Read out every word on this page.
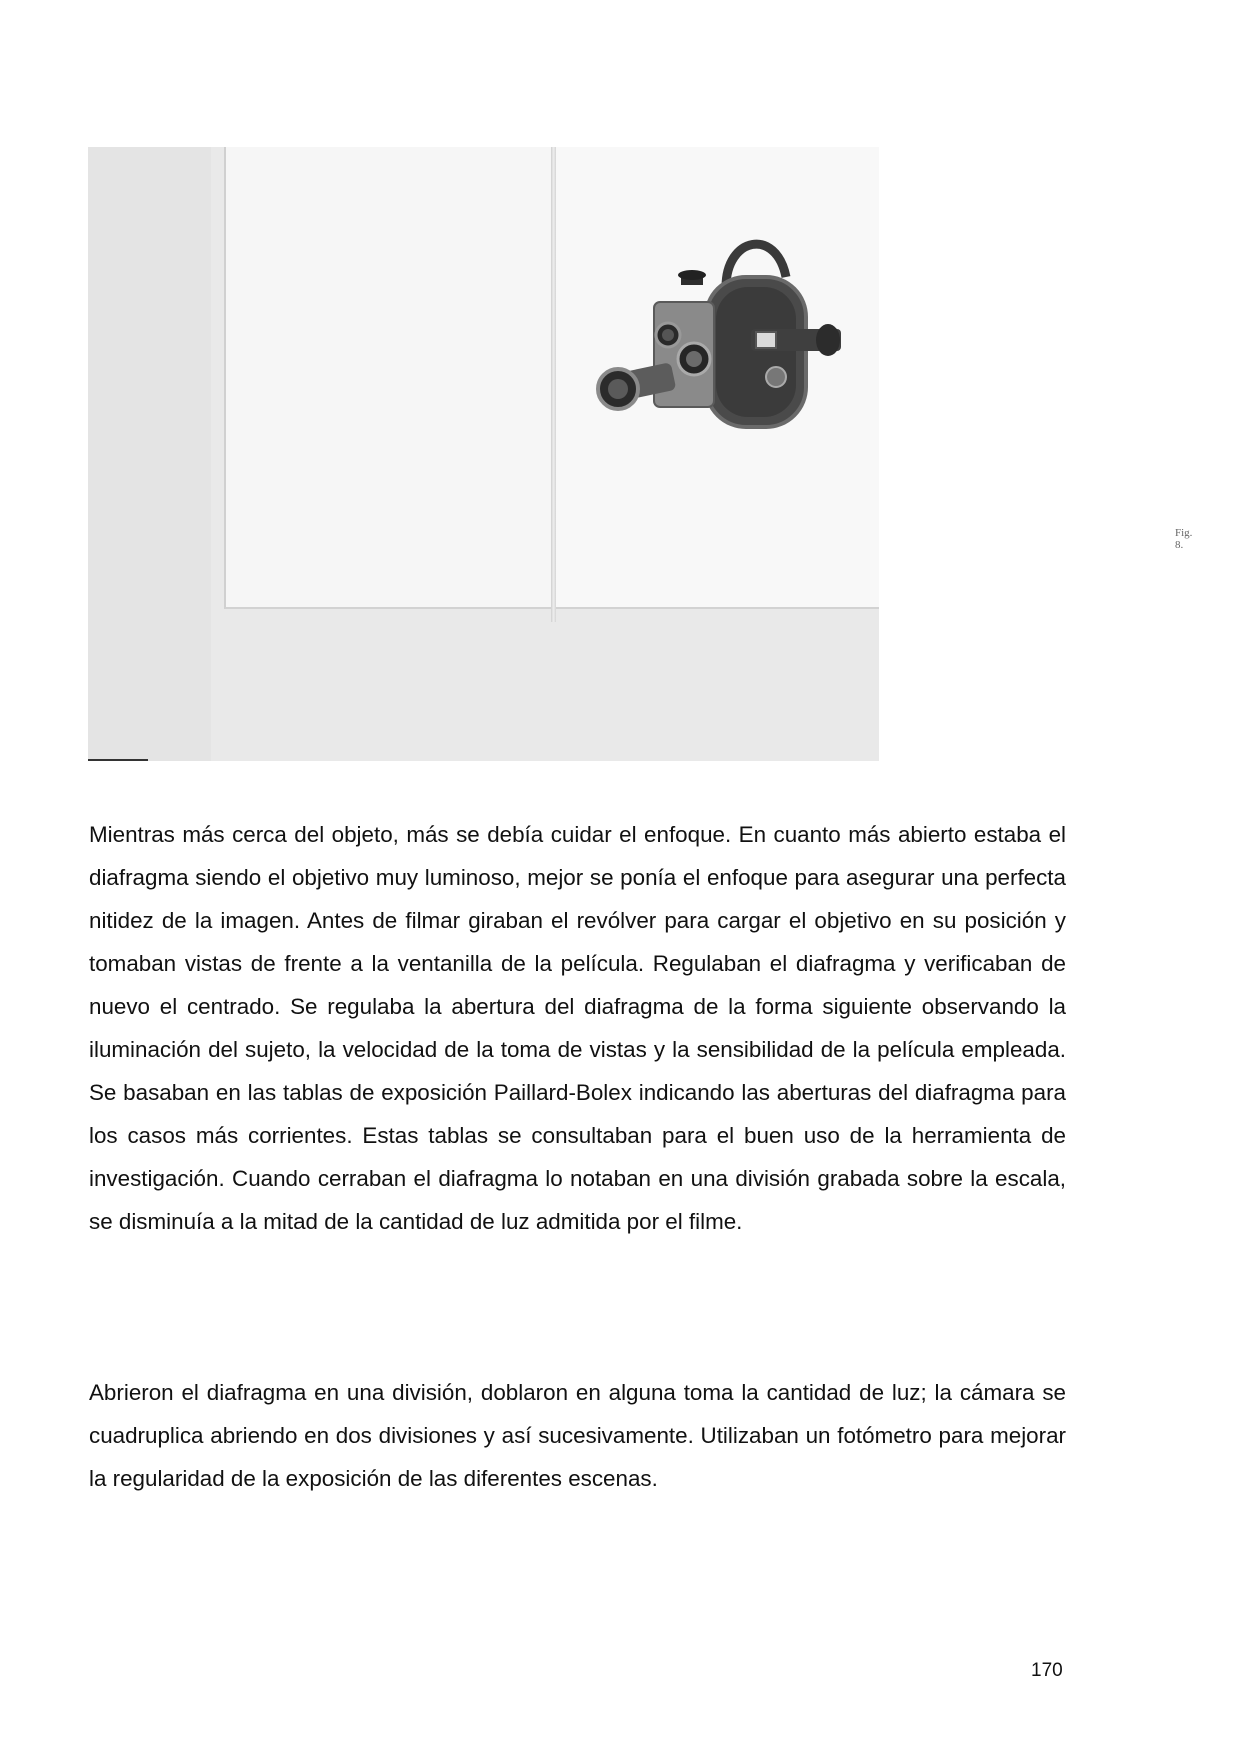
Fig. 8.

Mientras más cerca del objeto, más se debía cuidar el enfoque. En cuanto más abierto estaba el diafragma siendo el objetivo muy luminoso, mejor se ponía el enfoque para asegurar una perfecta nitidez de la imagen. Antes de filmar giraban el revólver para cargar el objetivo en su posición y tomaban vistas de frente a la ventanilla de la película. Regulaban el diafragma y verificaban de nuevo el centrado. Se regulaba la abertura del diafragma de la forma siguiente observando la iluminación del sujeto, la velocidad de la toma de vistas y la sensibilidad de la película empleada. Se basaban en las tablas de exposición Paillard-Bolex indicando las aberturas del diafragma para los casos más corrientes. Estas tablas se consultaban para el buen uso de la herramienta de investigación. Cuando cerraban el diafragma lo notaban en una división grabada sobre la escala, se disminuía a la mitad de la cantidad de luz admitida por el filme.

Abrieron el diafragma en una división, doblaron en alguna toma la cantidad de luz; la cámara se cuadruplica abriendo en dos divisiones y así sucesivamente. Utilizaban un fotómetro para mejorar la regularidad de la exposición de las diferentes escenas.

170
